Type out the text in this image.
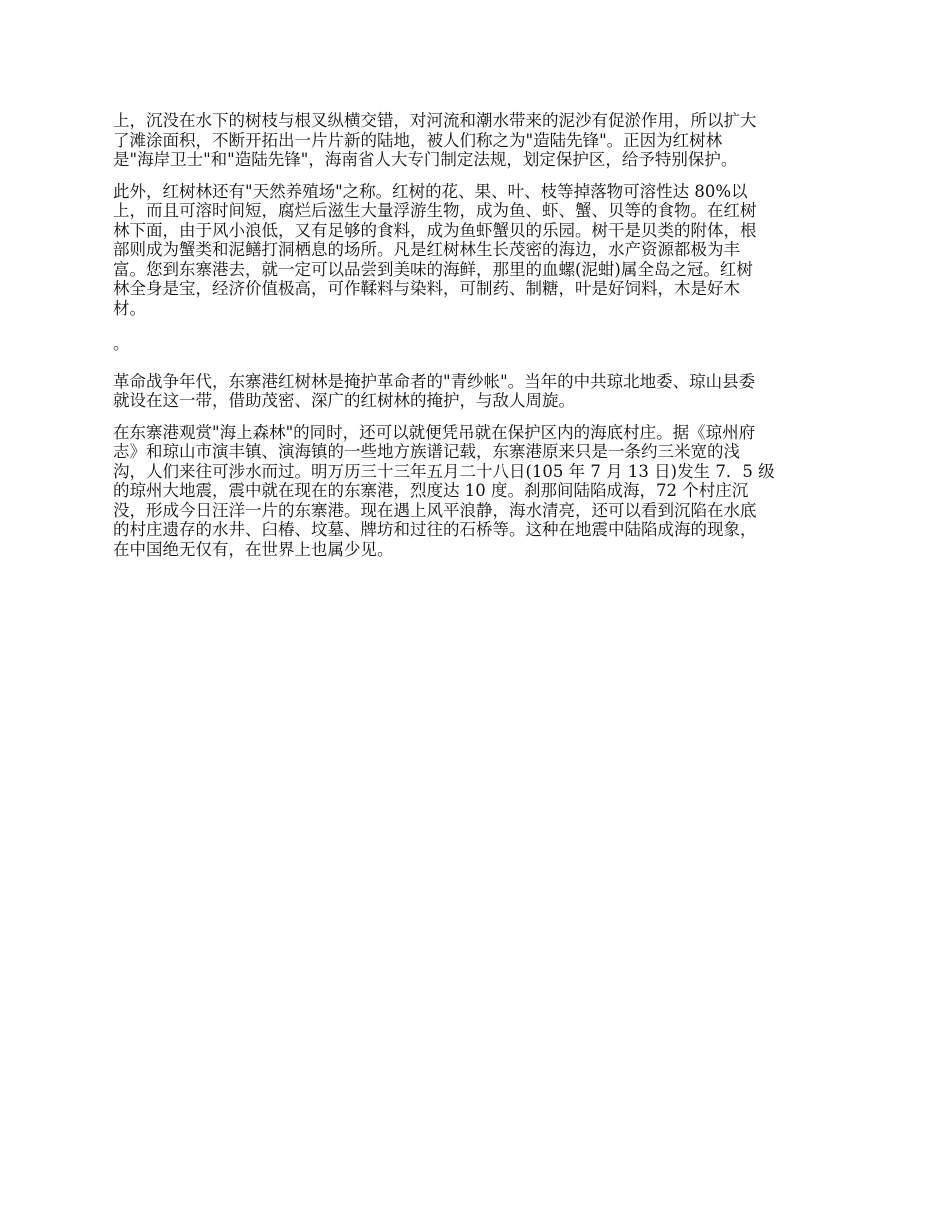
上，沉没在水下的树枝与根叉纵横交错，对河流和潮水带来的泥沙有促淤作用，所以扩大
了滩涂面积，不断开拓出一片片新的陆地，被人们称之为"造陆先锋"。正因为红树林
是"海岸卫士"和"造陆先锋"，海南省人大专门制定法规，划定保护区，给予特别保护。

此外，红树林还有"天然养殖场"之称。红树的花、果、叶、枝等掉落物可溶性达 80%以
上，而且可溶时间短，腐烂后滋生大量浮游生物，成为鱼、虾、蟹、贝等的食物。在红树
林下面，由于风小浪低，又有足够的食料，成为鱼虾蟹贝的乐园。树干是贝类的附体，根
部则成为蟹类和泥鳝打洞栖息的场所。凡是红树林生长茂密的海边，水产资源都极为丰
富。您到东寨港去，就一定可以品尝到美味的海鲜，那里的血螺(泥蚶)属全岛之冠。红树
林全身是宝，经济价值极高，可作鞣料与染料，可制药、制糖，叶是好饲料，木是好木
材。

。

革命战争年代，东寨港红树林是掩护革命者的"青纱帐"。当年的中共琼北地委、琼山县委
就设在这一带，借助茂密、深广的红树林的掩护，与敌人周旋。

在东寨港观赏"海上森林"的同时，还可以就便凭吊就在保护区内的海底村庄。据《琼州府
志》和琼山市演丰镇、演海镇的一些地方族谱记载，东寨港原来只是一条约三米宽的浅
沟，人们来往可涉水而过。明万历三十三年五月二十八日(105 年 7 月 13 日)发生 7．5 级
的琼州大地震，震中就在现在的东寨港，烈度达 10 度。刹那间陆陷成海，72 个村庄沉
没，形成今日汪洋一片的东寨港。现在遇上风平浪静，海水清亮，还可以看到沉陷在水底
的村庄遗存的水井、臼椿、坟墓、牌坊和过往的石桥等。这种在地震中陆陷成海的现象，
在中国绝无仅有，在世界上也属少见。
